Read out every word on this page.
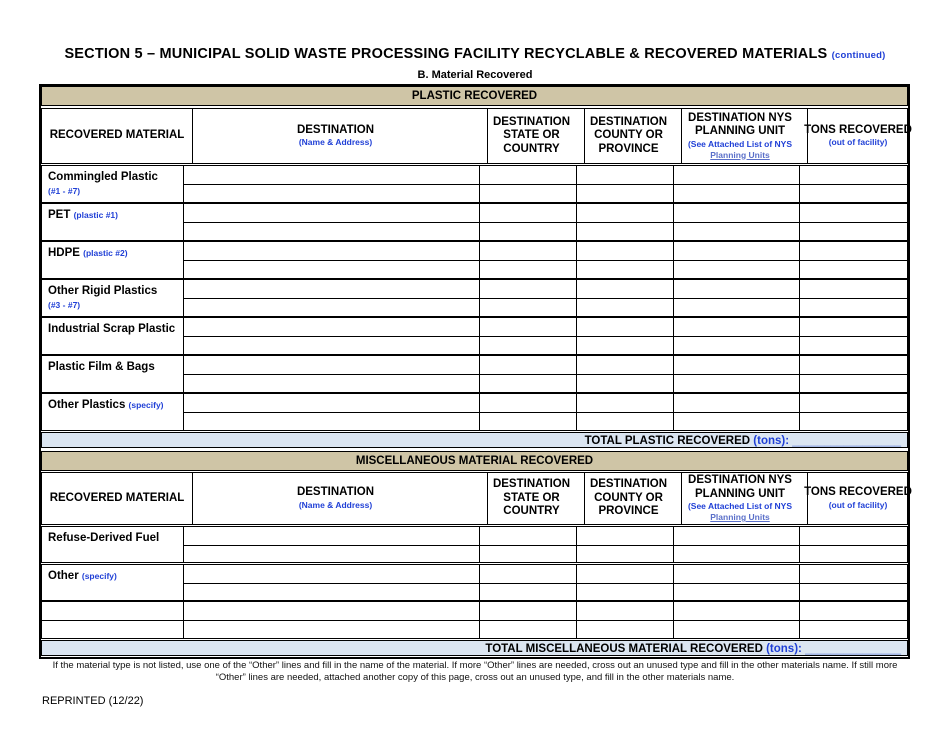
SECTION 5 – MUNICIPAL SOLID WASTE PROCESSING FACILITY RECYCLABLE & RECOVERED MATERIALS (continued)
B. Material Recovered
PLASTIC RECOVERED
RECOVERED MATERIAL	DESTINATION
(Name & Address)
DESTINATION STATE OR COUNTRY
DESTINATION COUNTY OR PROVINCE
DESTINATION NYS PLANNING UNIT
(See Attached List of NYS
Planning Units
TONS RECOVERED
(out of facility)
Commingled Plastic
(#1 - #7)
PET (plastic #1)
HDPE (plastic #2)
Other Rigid Plastics
(#3 - #7)
Industrial Scrap Plastic
Plastic Film & Bags
Other Plastics (specify)
TOTAL PLASTIC RECOVERED (tons): _________________
MISCELLANEOUS MATERIAL RECOVERED
RECOVERED MATERIAL	DESTINATION
(Name & Address)
DESTINATION STATE OR COUNTRY
DESTINATION COUNTY OR PROVINCE
DESTINATION NYS PLANNING UNIT
(See Attached List of NYS
Planning Units
TONS RECOVERED
(out of facility)
Refuse-Derived Fuel
Other (specify)
TOTAL MISCELLANEOUS MATERIAL RECOVERED (tons): _______________
If the material type is not listed, use one of the “Other” lines and fill in the name of the material. If more “Other” lines are needed, cross out an unused type and fill in the other materials name. If still more “Other” lines are needed, attached another copy of this page, cross out an unused type, and fill in the other materials name.
REPRINTED (12/22)
